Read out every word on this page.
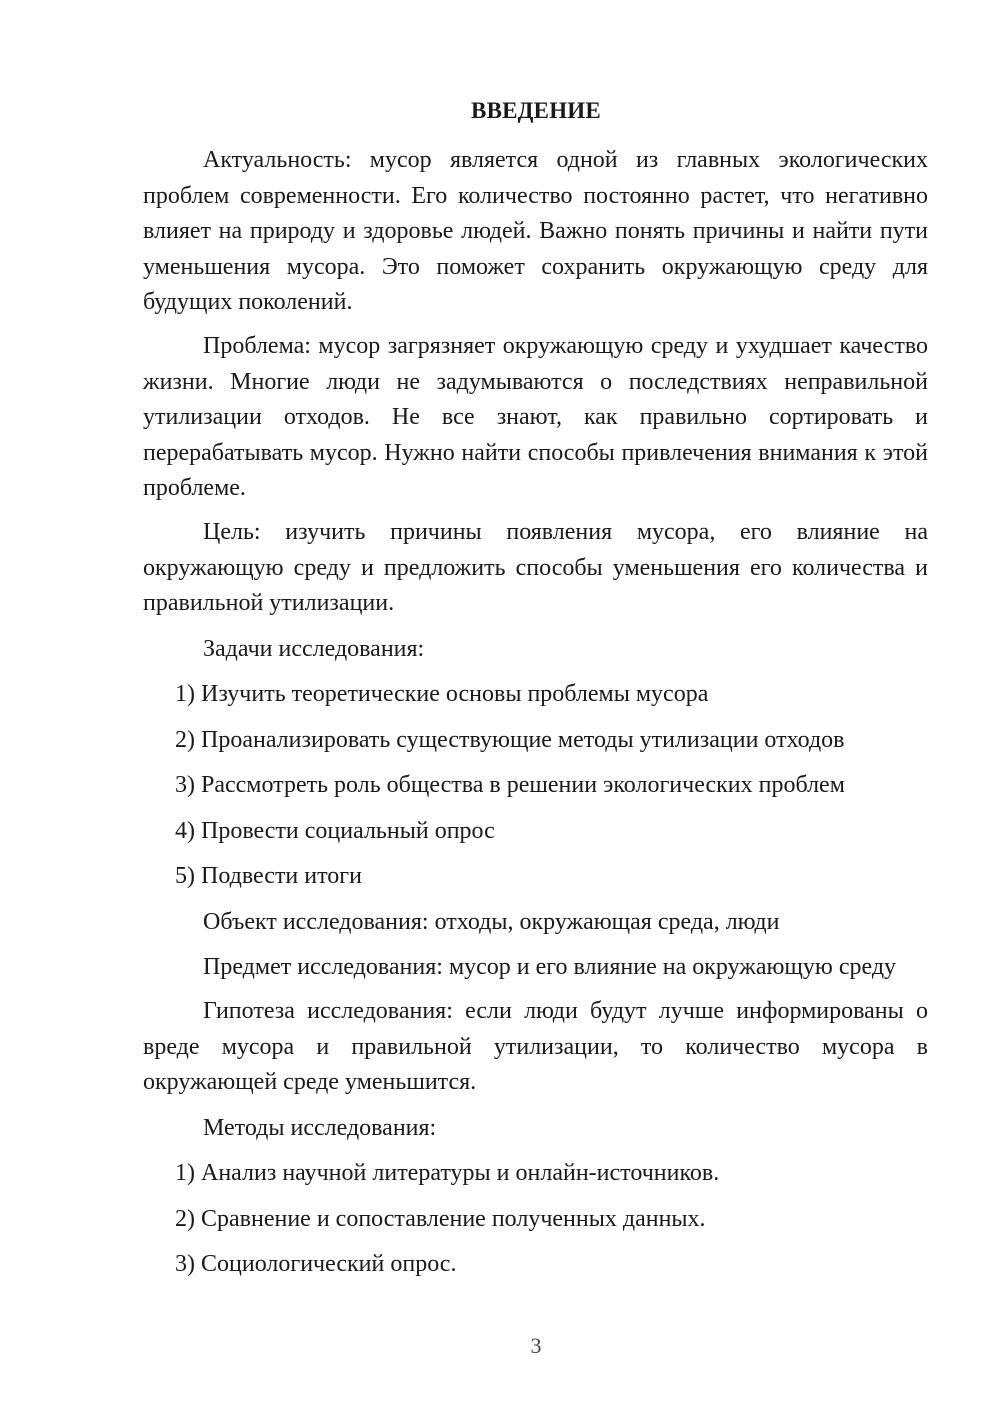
ВВЕДЕНИЕ

Актуальность: мусор является одной из главных экологических проблем современности. Его количество постоянно растет, что негативно влияет на природу и здоровье людей. Важно понять причины и найти пути уменьшения мусора. Это поможет сохранить окружающую среду для будущих поколений.

Проблема: мусор загрязняет окружающую среду и ухудшает качество жизни. Многие люди не задумываются о последствиях неправильной утилизации отходов. Не все знают, как правильно сортировать и перерабатывать мусор. Нужно найти способы привлечения внимания к этой проблеме.

Цель: изучить причины появления мусора, его влияние на окружающую среду и предложить способы уменьшения его количества и правильной утилизации.

Задачи исследования:
1) Изучить теоретические основы проблемы мусора
2) Проанализировать существующие методы утилизации отходов
3) Рассмотреть роль общества в решении экологических проблем
4) Провести социальный опрос
5) Подвести итоги
Объект исследования: отходы, окружающая среда, люди
Предмет исследования: мусор и его влияние на окружающую среду

Гипотеза исследования: если люди будут лучше информированы о вреде мусора и правильной утилизации, то количество мусора в окружающей среде уменьшится.

Методы исследования:
1) Анализ научной литературы и онлайн-источников.
2) Сравнение и сопоставление полученных данных.
3) Социологический опрос.
3
